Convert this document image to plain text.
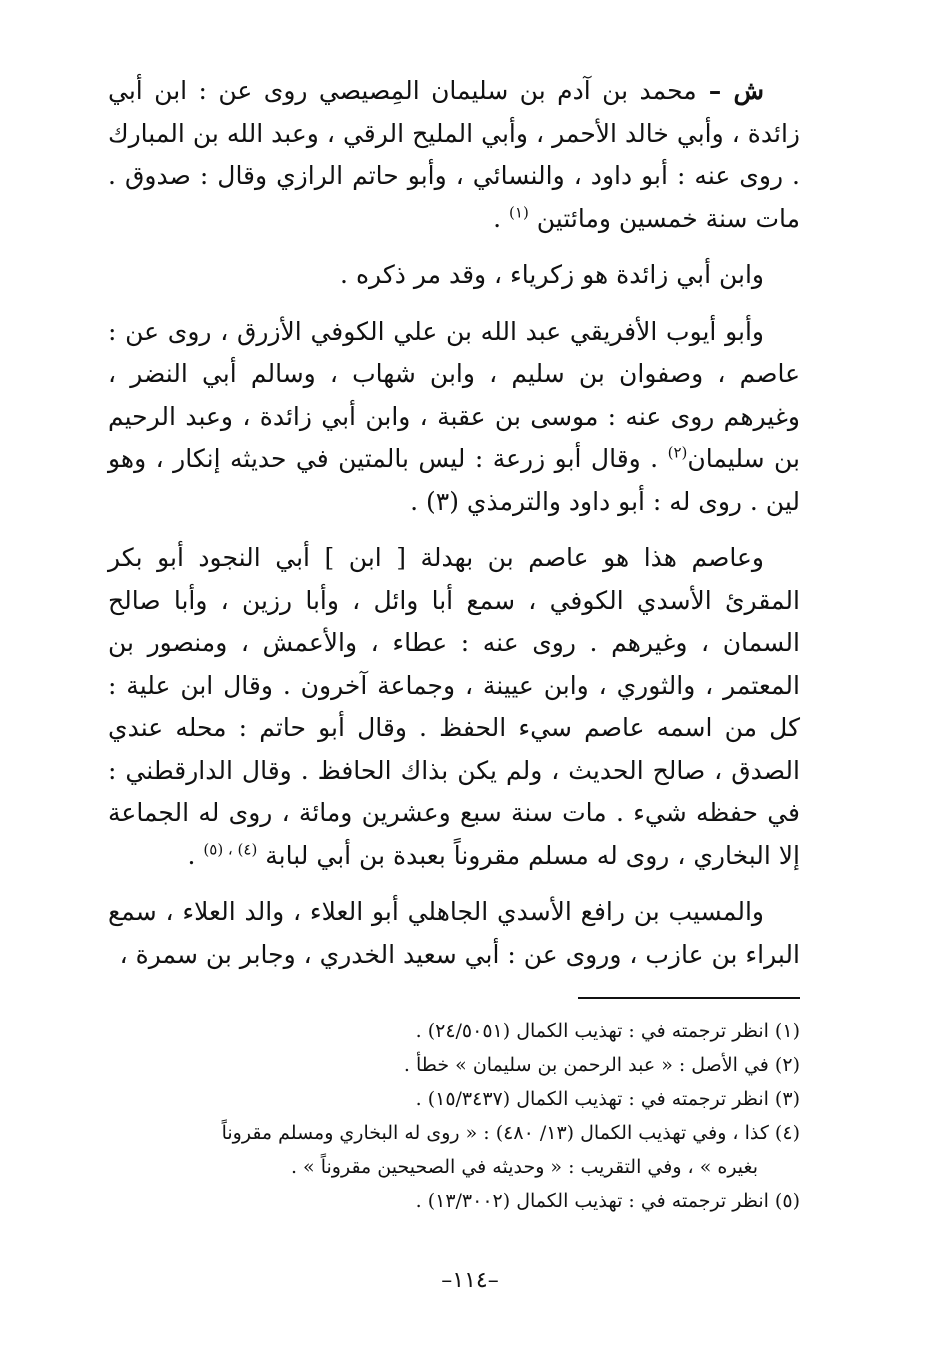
ش – محمد بن آدم بن سليمان المِصيصي روى عن : ابن أبي زائدة ، وأبي خالد الأحمر ، وأبي المليح الرقي ، وعبد الله بن المبارك . روى عنه : أبو داود ، والنسائي ، وأبو حاتم الرازي وقال : صدوق . مات سنة خمسين ومائتين $^{(١)}$ .

وابن أبي زائدة هو زكرياء ، وقد مر ذكره .

وأبو أيوب الأفريقي عبد الله بن علي الكوفي الأزرق ، روى عن : عاصم ، وصفوان بن سليم ، وابن شهاب ، وسالم أبي النضر ، وغيرهم روى عنه : موسى بن عقبة ، وابن أبي زائدة ، وعبد الرحيم بن سليمان$^{(٢)}$ . وقال أبو زرعة : ليس بالمتين في حديثه إنكار ، وهو لين . روى له : أبو داود والترمذي (٣) .

وعاصم هذا هو عاصم بن بهدلة [ ابن ] أبي النجود أبو بكر المقرئ الأسدي الكوفي ، سمع أبا وائل ، وأبا رزين ، وأبا صالح السمان ، وغيرهم . روى عنه : عطاء ، والأعمش ، ومنصور بن المعتمر ، والثوري ، وابن عيينة ، وجماعة آخرون . وقال ابن علية : كل من اسمه عاصم سيء الحفظ . وقال أبو حاتم : محله عندي الصدق ، صالح الحديث ، ولم يكن بذاك الحافظ . وقال الدارقطني : في حفظه شيء . مات سنة سبع وعشرين ومائة ، روى له الجماعة إلا البخاري ، روى له مسلم مقروناً بعبدة بن أبي لبابة $^{(٤) ، (٥)}$ .

والمسيب بن رافع الأسدي الجاهلي أبو العلاء ، والد العلاء ، سمع البراء بن عازب ، وروى عن : أبي سعيد الخدري ، وجابر بن سمرة ،

(١) انظر ترجمته في : تهذيب الكمال (٢٤/٥٠٥١) .

(٢) في الأصل : « عبد الرحمن بن سليمان » خطأ .

(٣) انظر ترجمته في : تهذيب الكمال (١٥/٣٤٣٧) .

(٤) كذا ، وفي تهذيب الكمال (١٣/ ٤٨٠) : « روى له البخاري ومسلم مقروناً

بغيره » ، وفي التقريب : « وحديثه في الصحيحين مقروناً » .

(٥) انظر ترجمته في : تهذيب الكمال (١٣/٣٠٠٢) .

–١١٤–
